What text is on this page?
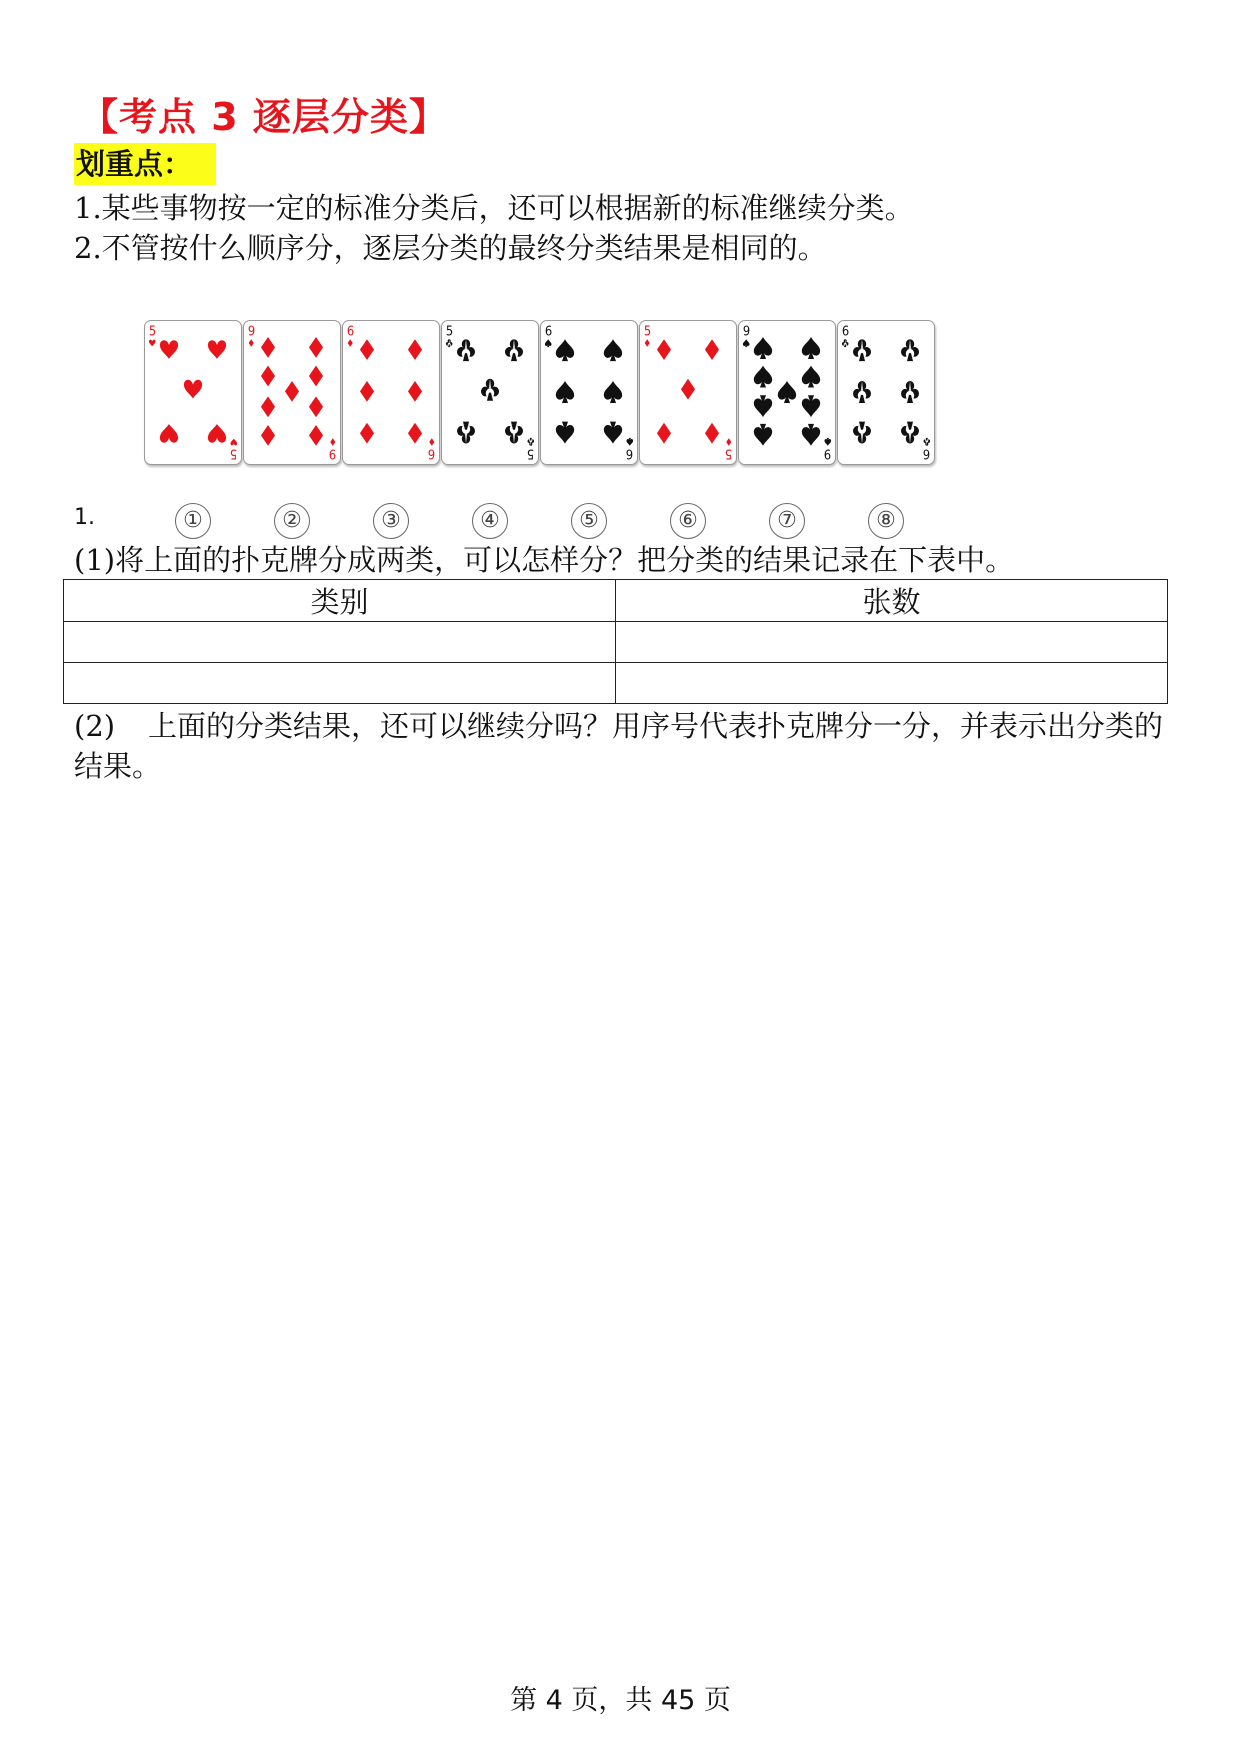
【考点 3 逐层分类】
划重点：

1.某些事物按一定的标准分类后，还可以根据新的标准继续分类。

2.不管按什么顺序分，逐层分类的最终分类结果是相同的。

5
5
①
9
9
②
6
6
③
5
5
④
6
6
⑤
5
5
⑥
9
9
⑦
6
6
⑧
1.

(1)将上面的扑克牌分成两类，可以怎样分？把分类的结果记录在下表中。

类别	张数

(2) 上面的分类结果，还可以继续分吗？用序号代表扑克牌分一分，并表示出分类的结果。

第 4 页，共 45 页
